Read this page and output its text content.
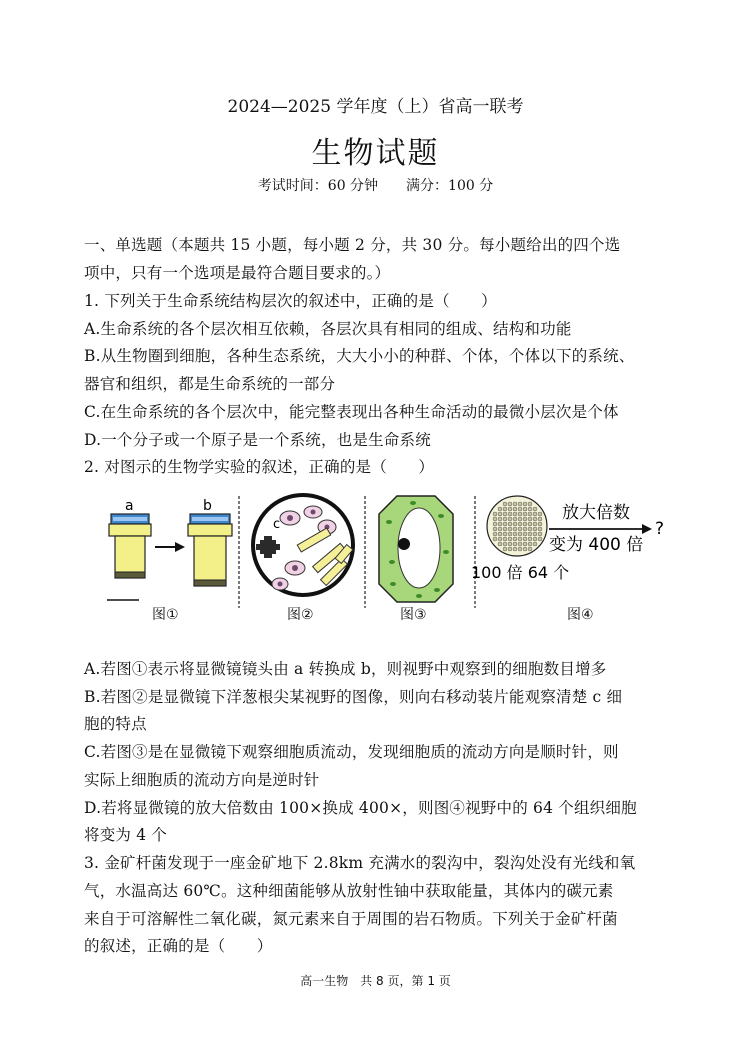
2024—2025 学年度（上）省高一联考
生物试题
考试时间：60 分钟 满分：100 分
一、单选题（本题共 15 小题，每小题 2 分，共 30 分。每小题给出的四个选
项中，只有一个选项是最符合题目要求的。）
1. 下列关于生命系统结构层次的叙述中，正确的是（　　）
A.生命系统的各个层次相互依赖，各层次具有相同的组成、结构和功能
B.从生物圈到细胞，各种生态系统，大大小小的种群、个体，个体以下的系统、
器官和组织，都是生命系统的一部分
C.在生命系统的各个层次中，能完整表现出各种生命活动的最微小层次是个体
D.一个分子或一个原子是一个系统，也是生命系统
2. 对图示的生物学实验的叙述，正确的是（　　）
a	b
c
放大倍数
?
变为 400 倍
100 倍 64 个
图①	图②	图③	图④
A.若图①表示将显微镜镜头由 a 转换成 b，则视野中观察到的细胞数目增多
B.若图②是显微镜下洋葱根尖某视野的图像，则向右移动装片能观察清楚 c 细
胞的特点
C.若图③是在显微镜下观察细胞质流动，发现细胞质的流动方向是顺时针，则
实际上细胞质的流动方向是逆时针
D.若将显微镜的放大倍数由 100×换成 400×，则图④视野中的 64 个组织细胞
将变为 4 个
3. 金矿杆菌发现于一座金矿地下 2.8km 充满水的裂沟中，裂沟处没有光线和氧
气，水温高达 60℃。这种细菌能够从放射性铀中获取能量，其体内的碳元素
来自于可溶解性二氧化碳，氮元素来自于周围的岩石物质。下列关于金矿杆菌
的叙述，正确的是（　　）
高一生物　共 8 页，第 1 页
